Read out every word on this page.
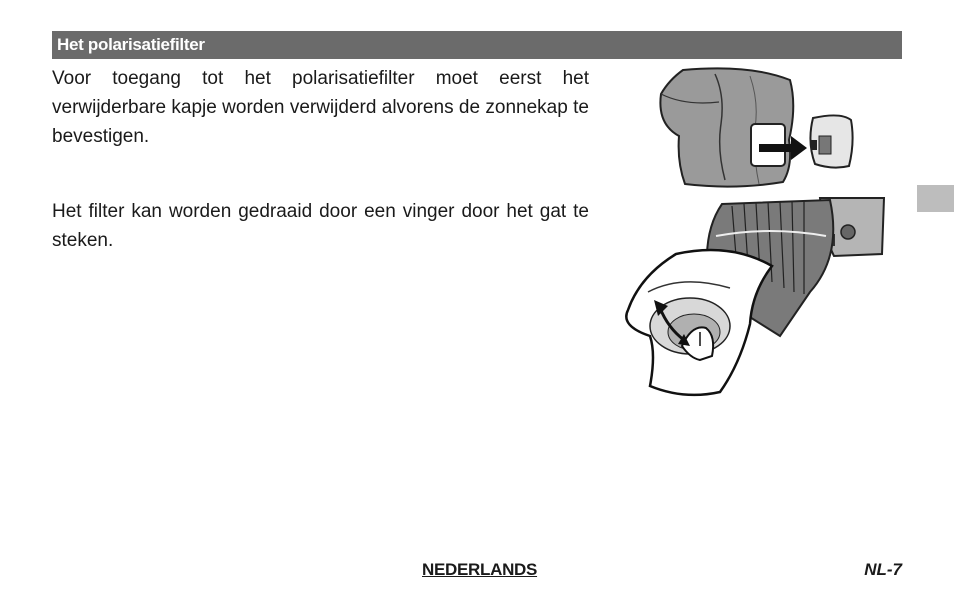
Het polarisatiefilter

Voor toegang tot het polarisatiefilter moet eerst het verwijderbare kapje worden verwijderd alvorens de zonnekap te bevestigen.

Het filter kan worden gedraaid door een vinger door het gat te steken.

NEDERLANDS	NL-7
